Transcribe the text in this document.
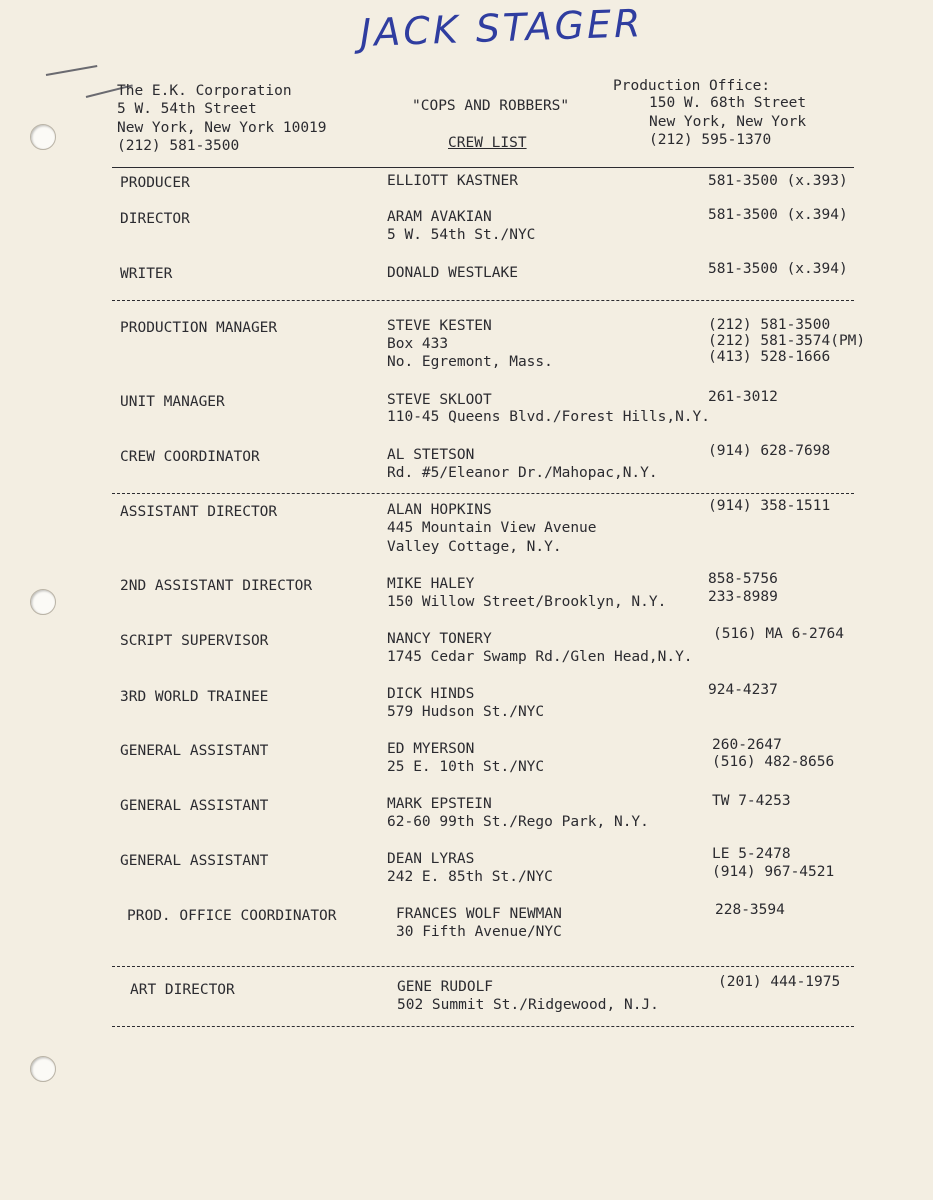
JACK STAGER
The E.K. Corporation
5 W. 54th Street
New York, New York 10019
(212) 581-3500
"COPS AND ROBBERS"
CREW LIST
Production Office:
150 W. 68th Street
New York, New York
(212) 595-1370
PRODUCER	ELLIOTT KASTNER	581-3500 (x.393)
DIRECTOR	ARAM AVAKIAN
5 W. 54th St./NYC
581-3500 (x.394)
WRITER	DONALD WESTLAKE	581-3500 (x.394)
PRODUCTION MANAGER	STEVE KESTEN
Box 433
No. Egremont, Mass.
(212) 581-3500
(212) 581-3574(PM)
(413) 528-1666
UNIT MANAGER	STEVE SKLOOT
110-45 Queens Blvd./Forest Hills,N.Y.
261-3012
CREW COORDINATOR	AL STETSON
Rd. #5/Eleanor Dr./Mahopac,N.Y.
(914) 628-7698
ASSISTANT DIRECTOR	ALAN HOPKINS
445 Mountain View Avenue
Valley Cottage, N.Y.
(914) 358-1511
2ND ASSISTANT DIRECTOR	MIKE HALEY
150 Willow Street/Brooklyn, N.Y.
858-5756
233-8989
SCRIPT SUPERVISOR	NANCY TONERY
1745 Cedar Swamp Rd./Glen Head,N.Y.
(516) MA 6-2764
3RD WORLD TRAINEE	DICK HINDS
579 Hudson St./NYC
924-4237
GENERAL ASSISTANT	ED MYERSON
25 E. 10th St./NYC
260-2647
(516) 482-8656
GENERAL ASSISTANT	MARK EPSTEIN
62-60 99th St./Rego Park, N.Y.
TW 7-4253
GENERAL ASSISTANT	DEAN LYRAS
242 E. 85th St./NYC
LE 5-2478
(914) 967-4521
PROD. OFFICE COORDINATOR	FRANCES WOLF NEWMAN
30 Fifth Avenue/NYC
228-3594
ART DIRECTOR	GENE RUDOLF
502 Summit St./Ridgewood, N.J.
(201) 444-1975
